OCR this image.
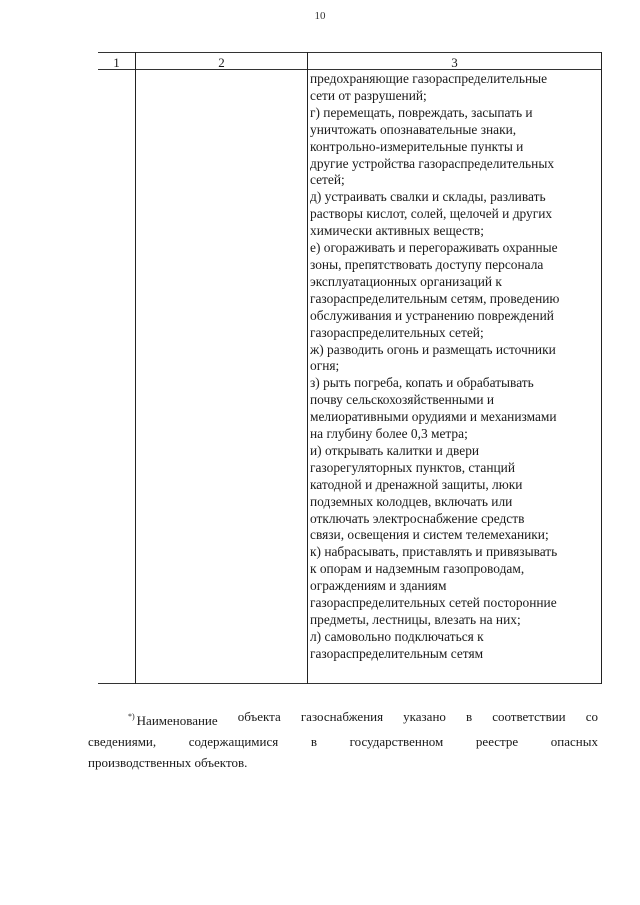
10
1	2	3
предохраняющие газораспределительные
сети от разрушений;
г) перемещать, повреждать, засыпать и
уничтожать опознавательные знаки,
контрольно-измерительные пункты и
другие устройства газораспределительных
сетей;
д) устраивать свалки и склады, разливать
растворы кислот, солей, щелочей и других
химически активных веществ;
е) огораживать и перегораживать охранные
зоны, препятствовать доступу персонала
эксплуатационных организаций к
газораспределительным сетям, проведению
обслуживания и устранению повреждений
газораспределительных сетей;
ж) разводить огонь и размещать источники
огня;
з) рыть погреба, копать и обрабатывать
почву сельскохозяйственными и
мелиоративными орудиями и механизмами
на глубину более 0,3 метра;
и) открывать калитки и двери
газорегуляторных пунктов, станций
катодной и дренажной защиты, люки
подземных колодцев, включать или
отключать электроснабжение средств
связи, освещения и систем телемеханики;
к) набрасывать, приставлять и привязывать
к опорам и надземным газопроводам,
ограждениям и зданиям
газораспределительных сетей посторонние
предметы, лестницы, влезать на них;
л) самовольно подключаться к
газораспределительным сетям
*) Наименование объекта газоснабжения указано в соответствии со
сведениями,	содержащимися	в	государственном	реестре	опасных
производственных объектов.
